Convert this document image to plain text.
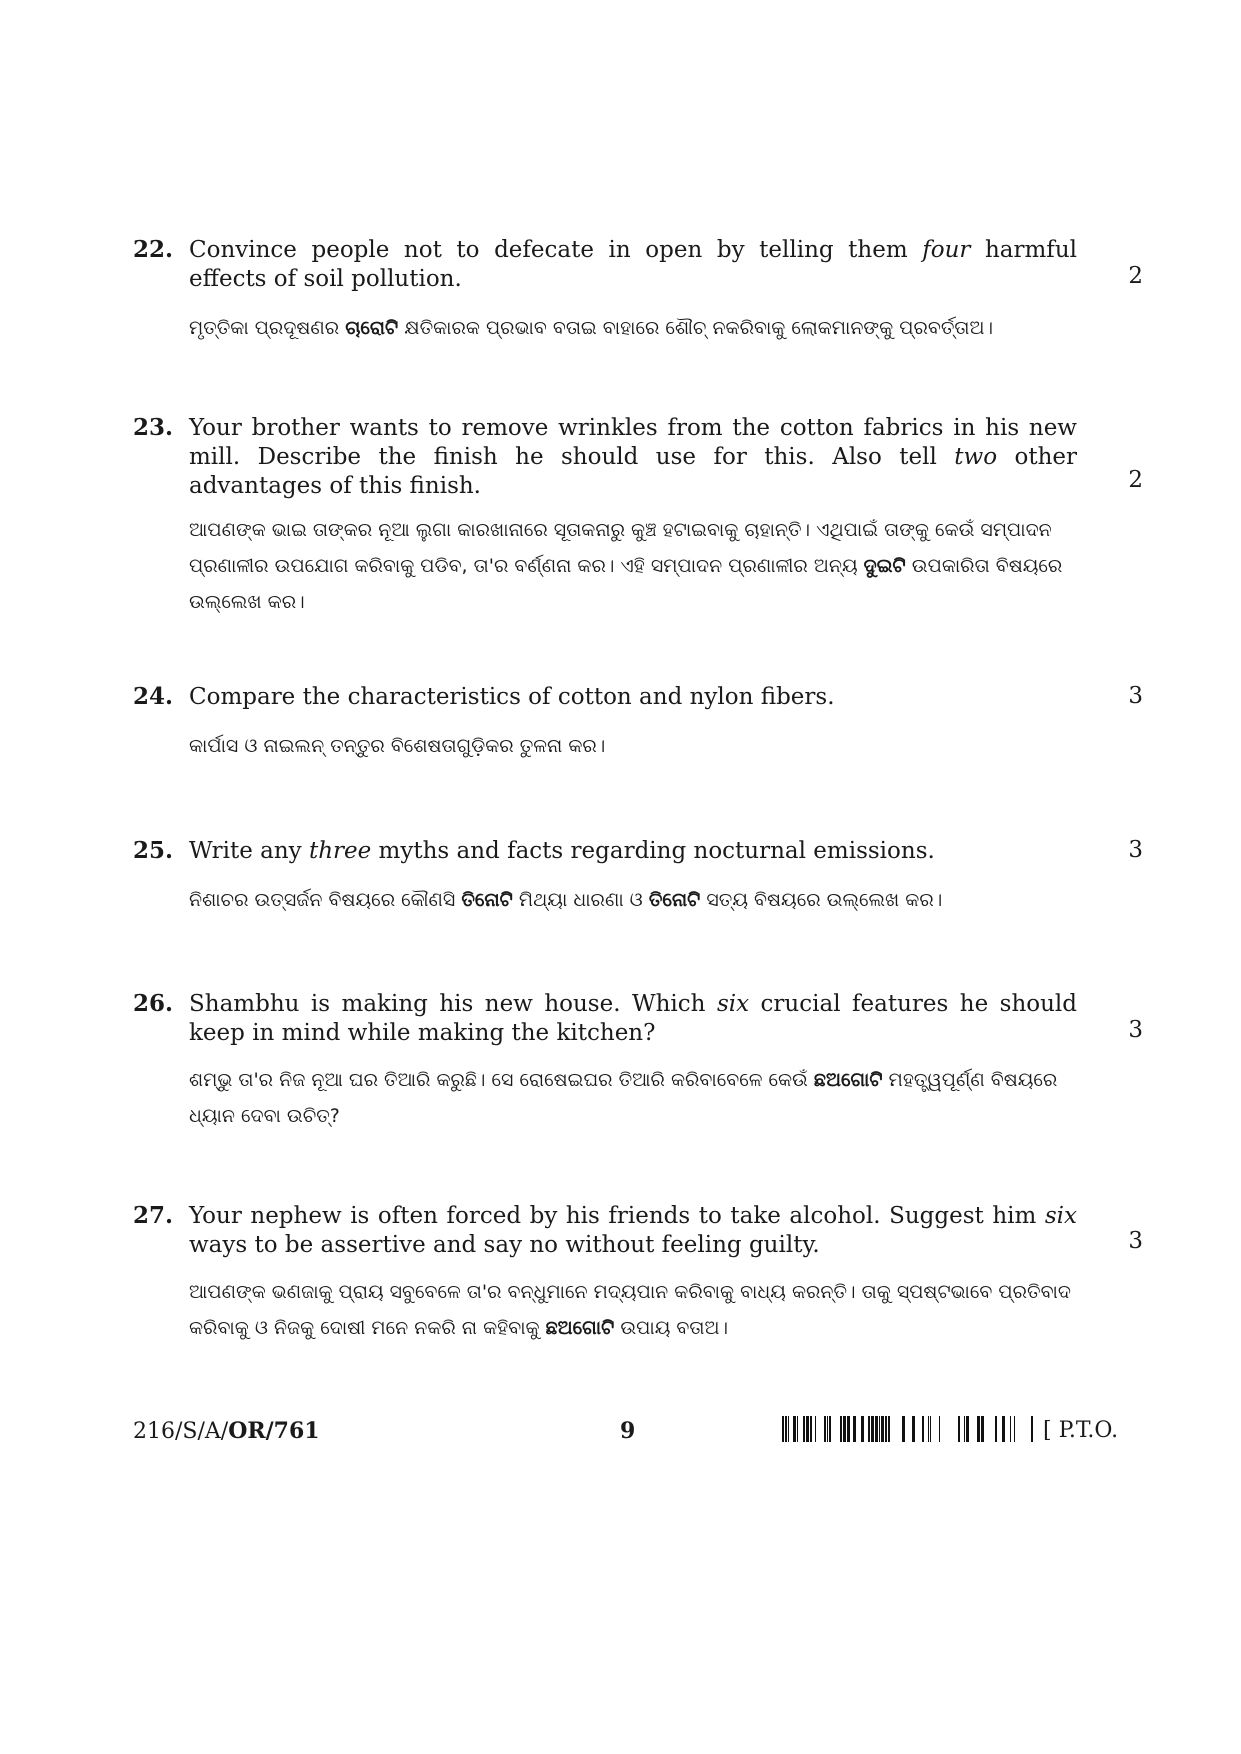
22. Convince people not to defecate in open by telling them four harmful effects of soil pollution.	2
ମୃତ୍ତିକା ପ୍ରଦୂଷଣର ଚାରୋଟି କ୍ଷତିକାରକ ପ୍ରଭାବ ବତାଇ ବାହାରେ ଶୌଚ୍ ନକରିବାକୁ ଲୋକମାନଙ୍କୁ ପ୍ରବର୍ତ୍ତାଅ।
23. Your brother wants to remove wrinkles from the cotton fabrics in his new mill. Describe the finish he should use for this. Also tell two other advantages of this finish.	2
ଆପଣଙ୍କ ଭାଇ ତାଙ୍କର ନୂଆ ଲୁଗା କାରଖାନାରେ ସୂତାକନାରୁ କୁଞ୍ଚ ହଟାଇବାକୁ ଚାହାନ୍ତି। ଏଥିପାଇଁ ତାଙ୍କୁ କେଉଁ ସମ୍ପାଦନ ପ୍ରଣାଳୀର ଉପଯୋଗ କରିବାକୁ ପଡିବ, ତା'ର ବର୍ଣ୍ଣନା କର। ଏହି ସମ୍ପାଦନ ପ୍ରଣାଳୀର ଅନ୍ୟ ଦୁଇଟି ଉପକାରିତା ବିଷୟରେ ଉଲ୍ଲେଖ କର।
24. Compare the characteristics of cotton and nylon fibers.	3
କାର୍ପାସ ଓ ନାଇଲନ୍ ତନ୍ତୁର ବିଶେଷତାଗୁଡ଼ିକର ତୁଳନା କର।
25. Write any three myths and facts regarding nocturnal emissions.	3
ନିଶାଚର ଉତ୍ସର୍ଜନ ବିଷୟରେ କୌଣସି ତିନୋଟି ମିଥ୍ୟା ଧାରଣା ଓ ତିନୋଟି ସତ୍ୟ ବିଷୟରେ ଉଲ୍ଲେଖ କର।
26. Shambhu is making his new house. Which six crucial features he should keep in mind while making the kitchen?	3
ଶମ୍ଭୁ ତା'ର ନିଜ ନୂଆ ଘର ତିଆରି କରୁଛି। ସେ ରୋଷେଇଘର ତିଆରି କରିବାବେଳେ କେଉଁ ଛଅଗୋଟି ମହତ୍ତ୍ୱପୂର୍ଣ୍ଣ ବିଷୟରେ ଧ୍ୟାନ ଦେବା ଉଚିତ୍?
27. Your nephew is often forced by his friends to take alcohol. Suggest him six ways to be assertive and say no without feeling guilty.	3
ଆପଣଙ୍କ ଭଣଜାକୁ ପ୍ରାୟ ସବୁବେଳେ ତା'ର ବନ୍ଧୁମାନେ ମଦ୍ୟପାନ କରିବାକୁ ବାଧ୍ୟ କରନ୍ତି। ତାକୁ ସ୍ପଷ୍ଟଭାବେ ପ୍ରତିବାଦ କରିବାକୁ ଓ ନିଜକୁ ଦୋଷୀ ମନେ ନକରି ନା କହିବାକୁ ଛଅଗୋଟି ଉପାୟ ବତାଅ।
216/S/A/OR/761	9	[ P.T.O.
